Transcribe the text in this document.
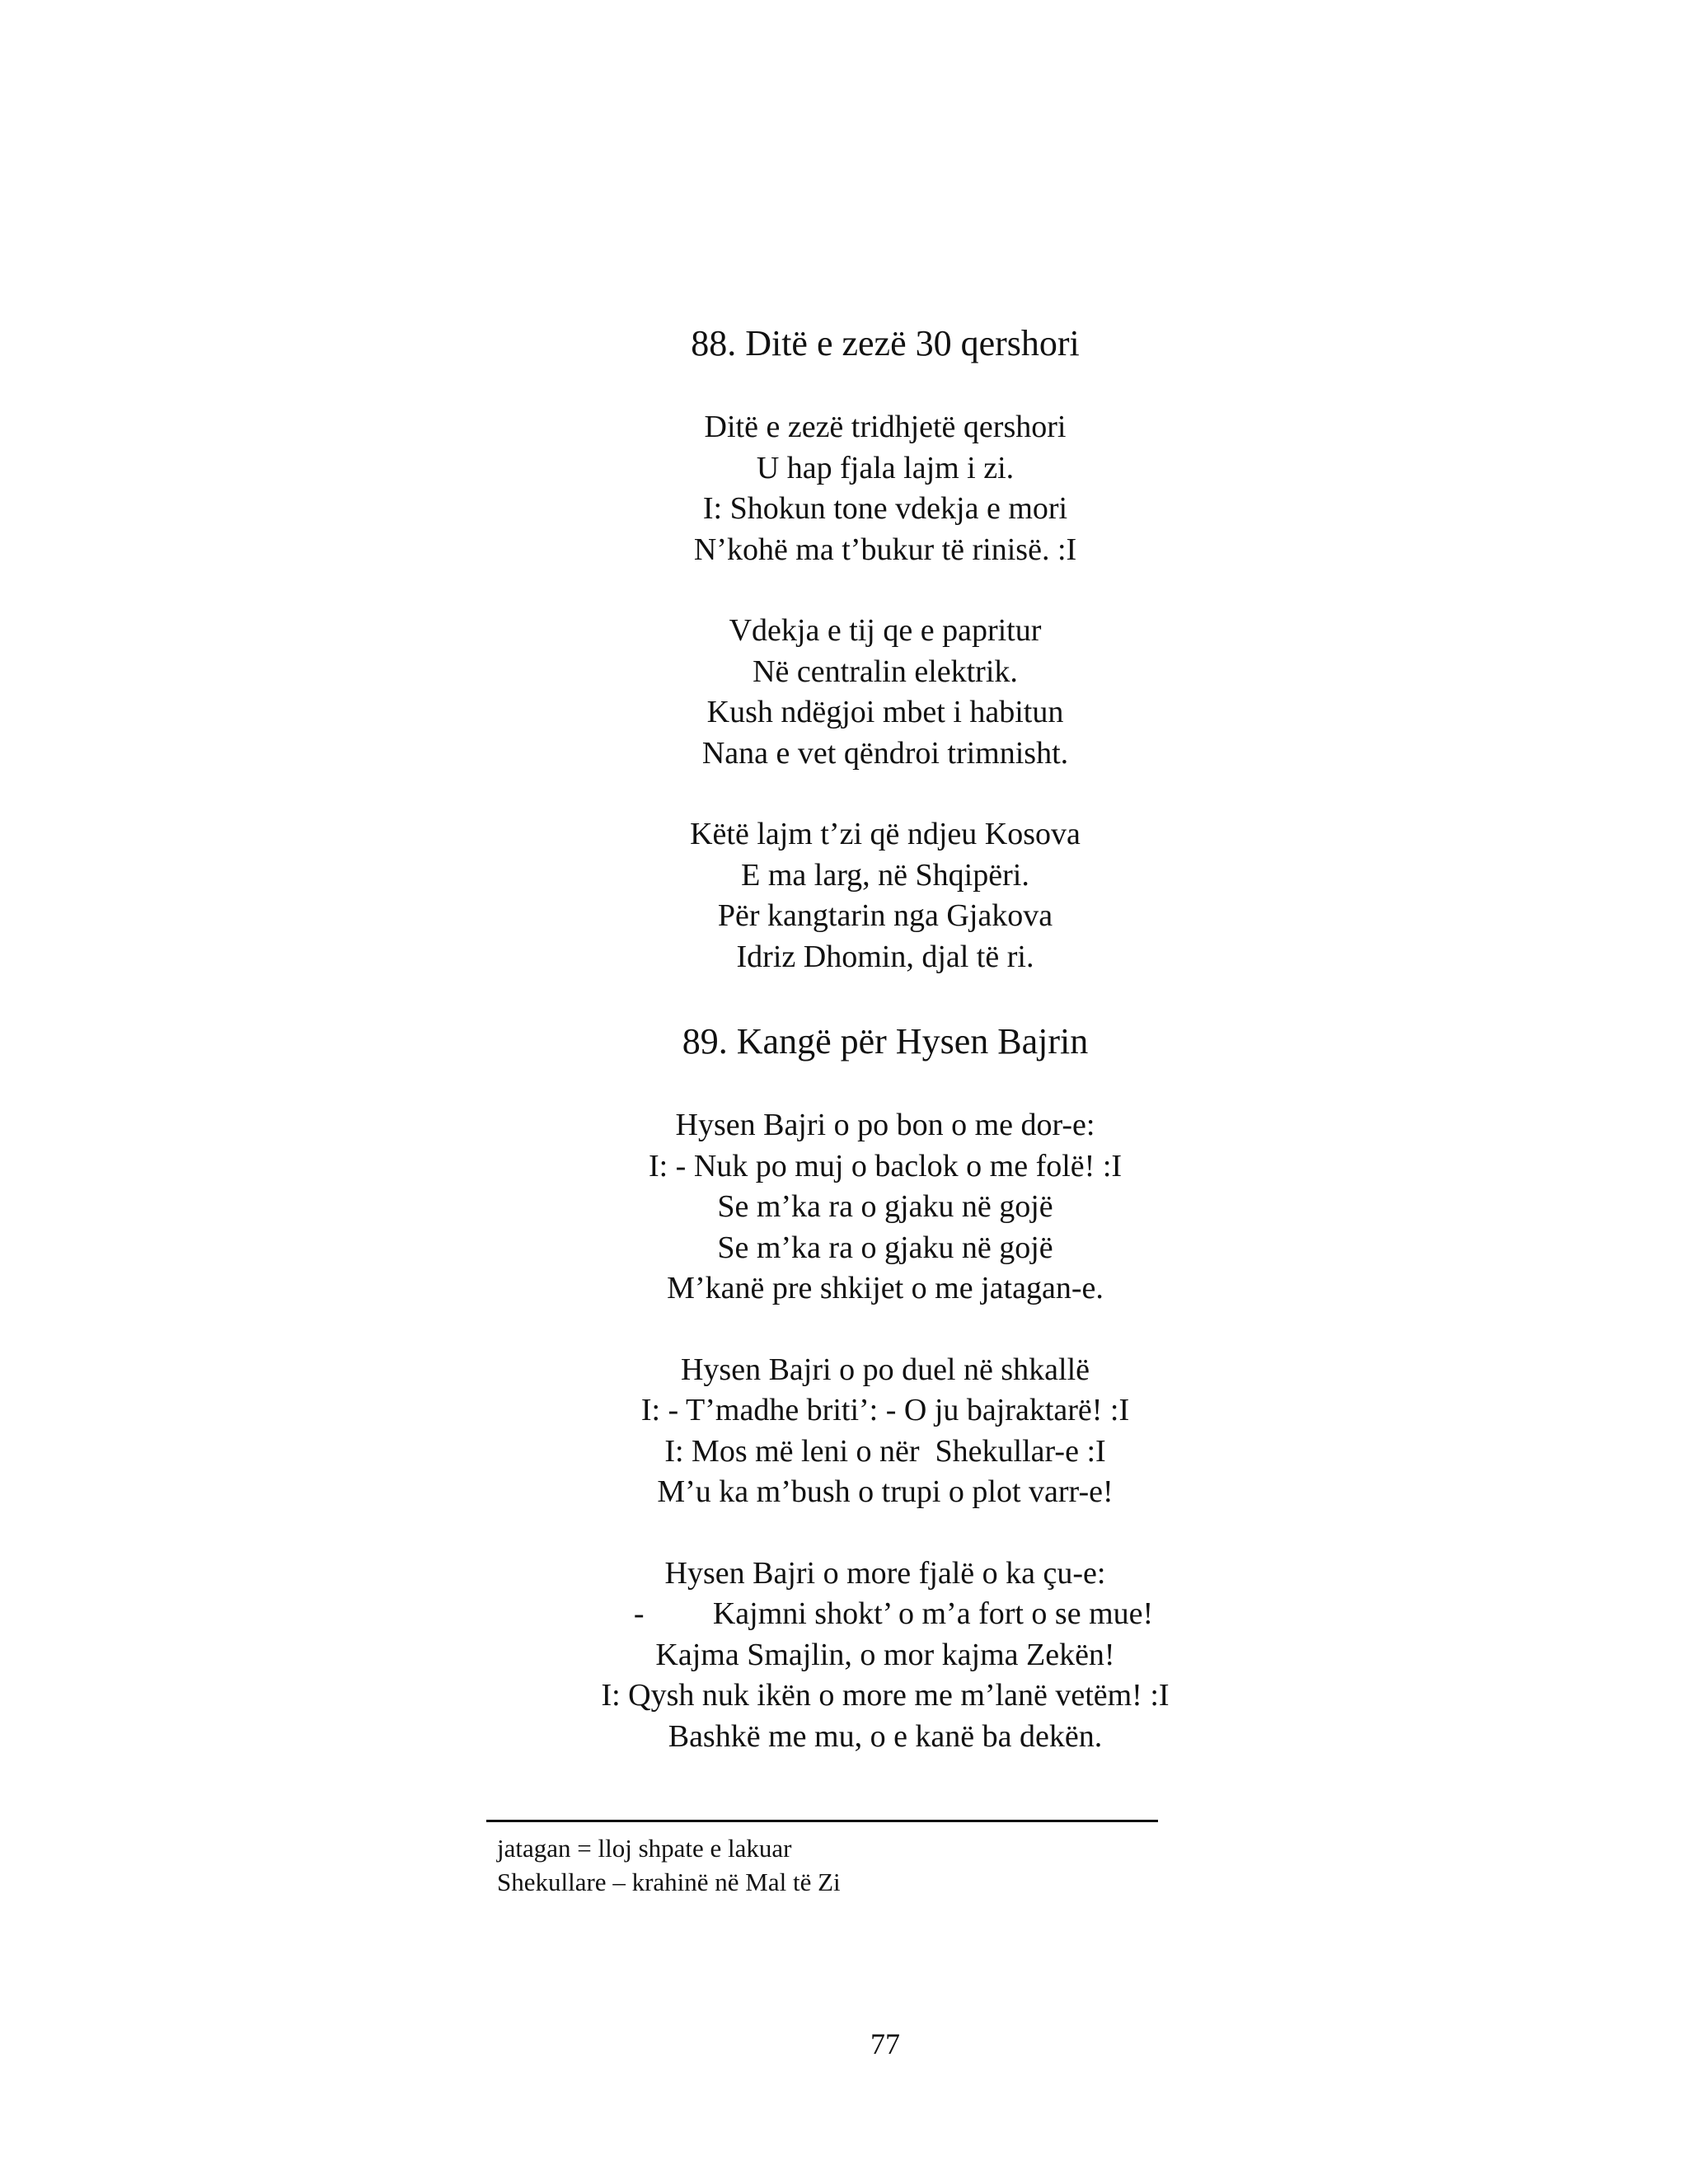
88. Ditë e zezë 30 qershori
Ditë e zezë tridhjetë qershori
U hap fjala lajm i zi.
I: Shokun tone vdekja e mori
N’kohë ma t’bukur të rinisë. :I
Vdekja e tij qe e papritur
Në centralin elektrik.
Kush ndëgjoi mbet i habitun
Nana e vet qëndroi trimnisht.
Këtë lajm t’zi që ndjeu Kosova
E ma larg, në Shqipëri.
Për kangtarin nga Gjakova
Idriz Dhomin, djal të ri.
89. Kangë për Hysen Bajrin
Hysen Bajri o po bon o me dor-e:
I: - Nuk po muj o baclok o me folë! :I
Se m’ka ra o gjaku në gojë
Se m’ka ra o gjaku në gojë
M’kanë pre shkijet o me jatagan-e.
Hysen Bajri o po duel në shkallë
I: - T’madhe briti’: - O ju bajraktarë! :I
I: Mos më leni o nër  Shekullar-e :I
M’u ka m’bush o trupi o plot varr-e!
Hysen Bajri o more fjalë o ka çu-e:
- Kajmni shokt’ o m’a fort o se mue!
Kajma Smajlin, o mor kajma Zekën!
I: Qysh nuk ikën o more me m’lanë vetëm! :I
Bashkë me mu, o e kanë ba dekën.
jatagan = lloj shpate e lakuar
Shekullare – krahinë në Mal të Zi
77
